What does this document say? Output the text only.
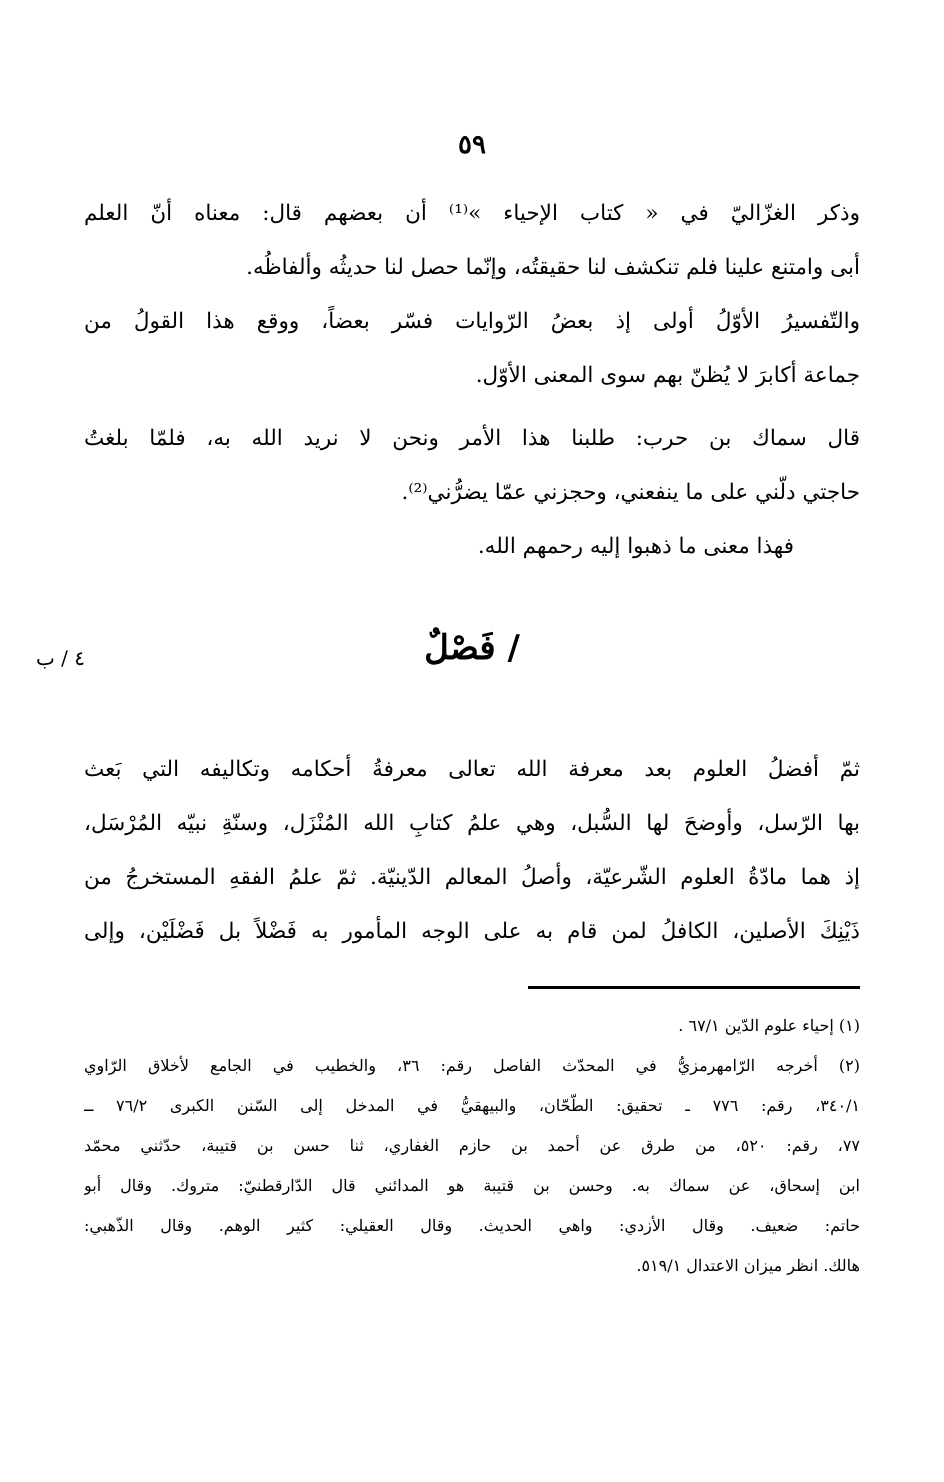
٥٩
وذكر الغزّاليّ في « كتاب الإحياء »⁽¹⁾ أن بعضهم قال: معناه أنّ العلم
أبى وامتنع علينا فلم تنكشف لنا حقيقتُه، وإنّما حصل لنا حديثُه وألفاظُه.
والتّفسيرُ الأوّلُ أولى إذ بعضُ الرّوايات فسّر بعضاً، ووقع هذا القولُ من
جماعة أكابرَ لا يُظنّ بهم سوى المعنى الأوّل.
قال سماك بن حرب: طلبنا هذا الأمر ونحن لا نريد الله به، فلمّا بلغتُ
حاجتي دلّني على ما ينفعني، وحجزني عمّا يضرُّني⁽²⁾.
فهذا معنى ما ذهبوا إليه رحمهم الله.
/ فَصْلٌ
٤ / ب
ثمّ أفضلُ العلوم بعد معرفة الله تعالى معرفةُ أحكامه وتكاليفه التي بَعث
بها الرّسل، وأوضحَ لها السُّبل، وهي علمُ كتابِ الله المُنْزَل، وسنّةِ نبيّه المُرْسَل،
إذ هما مادّةُ العلوم الشّرعيّة، وأصلُ المعالم الدّينيّة. ثمّ علمُ الفقهِ المستخرجُ من
ذَيْنِكَ الأصلين، الكافلُ لمن قام به على الوجه المأمور به فَضْلاً بل فَضْلَيْن، وإلى
(١) إحياء علوم الدّين ٦٧/١ .
(٢) أخرجه الرّامهرمزيُّ في المحدّث الفاصل رقم: ٣٦، والخطيب في الجامع لأخلاق الرّاوي
٣٤٠/١، رقم: ٧٧٦ ـ تحقيق: الطّحّان، والبيهقيُّ في المدخل إلى السّنن الكبرى ٧٦/٢ ــ
٧٧، رقم: ٥٢٠، من طرق عن أحمد بن حازم الغفاري، ثنا حسن بن قتيبة، حدّثني محمّد
ابن إسحاق، عن سماك به. وحسن بن قتيبة هو المدائني قال الدّارقطنيّ: متروك. وقال أبو
حاتم: ضعيف. وقال الأزدي: واهي الحديث. وقال العقيلي: كثير الوهم. وقال الذّهبي:
هالك. انظر ميزان الاعتدال ٥١٩/١.
